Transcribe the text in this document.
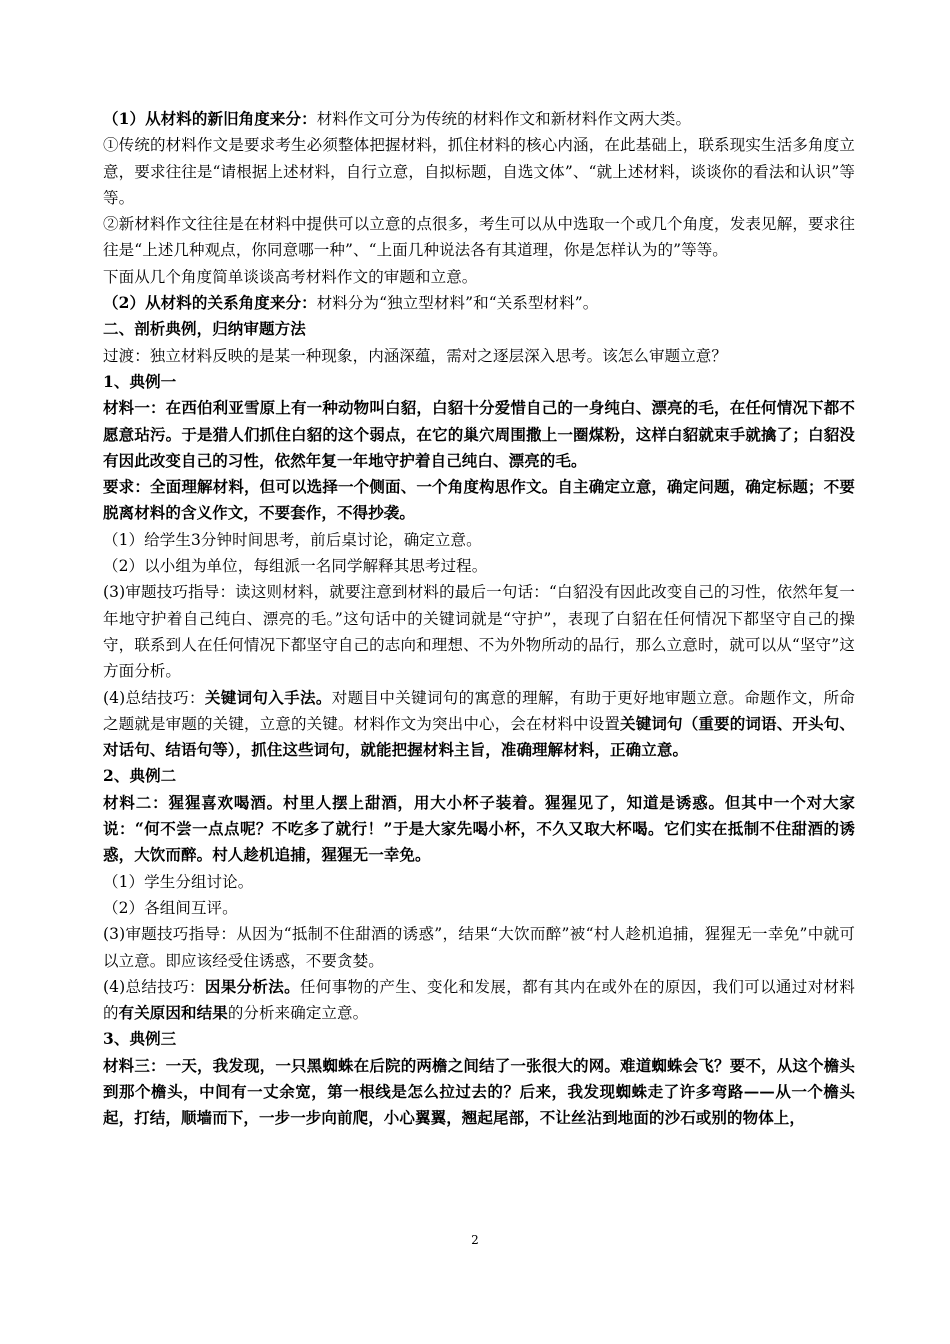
（1）从材料的新旧角度来分：材料作文可分为传统的材料作文和新材料作文两大类。

①传统的材料作文是要求考生必须整体把握材料，抓住材料的核心内涵，在此基础上，联系现实生活多角度立意，要求往往是“请根据上述材料，自行立意，自拟标题，自选文体”、“就上述材料，谈谈你的看法和认识”等等。

②新材料作文往往是在材料中提供可以立意的点很多，考生可以从中选取一个或几个角度，发表见解，要求往往是“上述几种观点，你同意哪一种”、“上面几种说法各有其道理，你是怎样认为的”等等。

下面从几个角度简单谈谈高考材料作文的审题和立意。

（2）从材料的关系角度来分：材料分为“独立型材料”和“关系型材料”。

二、剖析典例，归纳审题方法

过渡：独立材料反映的是某一种现象，内涵深蕴，需对之逐层深入思考。该怎么审题立意？

1、典例一

材料一：在西伯利亚雪原上有一种动物叫白貂，白貂十分爱惜自己的一身纯白、漂亮的毛，在任何情况下都不愿意玷污。于是猎人们抓住白貂的这个弱点，在它的巢穴周围撒上一圈煤粉，这样白貂就束手就擒了；白貂没有因此改变自己的习性，依然年复一年地守护着自己纯白、漂亮的毛。

要求：全面理解材料，但可以选择一个侧面、一个角度构思作文。自主确定立意，确定问题，确定标题；不要脱离材料的含义作文，不要套作，不得抄袭。

（1）给学生3分钟时间思考，前后桌讨论，确定立意。

（2）以小组为单位，每组派一名同学解释其思考过程。

(3)审题技巧指导：读这则材料，就要注意到材料的最后一句话：“白貂没有因此改变自己的习性，依然年复一年地守护着自己纯白、漂亮的毛。”这句话中的关键词就是“守护”，表现了白貂在任何情况下都坚守自己的操守，联系到人在任何情况下都坚守自己的志向和理想、不为外物所动的品行，那么立意时，就可以从“坚守”这方面分析。

(4)总结技巧：关键词句入手法。对题目中关键词句的寓意的理解，有助于更好地审题立意。命题作文，所命之题就是审题的关键，立意的关键。材料作文为突出中心，会在材料中设置关键词句（重要的词语、开头句、对话句、结语句等），抓住这些词句，就能把握材料主旨，准确理解材料，正确立意。

2、典例二

材料二：猩猩喜欢喝酒。村里人摆上甜酒，用大小杯子装着。猩猩见了，知道是诱惑。但其中一个对大家说：“何不尝一点点呢？不吃多了就行！”于是大家先喝小杯，不久又取大杯喝。它们实在抵制不住甜酒的诱惑，大饮而醉。村人趁机追捕，猩猩无一幸免。

（1）学生分组讨论。

（2）各组间互评。

(3)审题技巧指导：从因为“抵制不住甜酒的诱惑”，结果“大饮而醉”被“村人趁机追捕，猩猩无一幸免”中就可以立意。即应该经受住诱惑，不要贪婪。

(4)总结技巧：因果分析法。任何事物的产生、变化和发展，都有其内在或外在的原因，我们可以通过对材料的有关原因和结果的分析来确定立意。

3、典例三

材料三：一天，我发现，一只黑蜘蛛在后院的两檐之间结了一张很大的网。难道蜘蛛会飞？要不，从这个檐头到那个檐头，中间有一丈余宽，第一根线是怎么拉过去的？后来，我发现蜘蛛走了许多弯路——从一个檐头起，打结，顺墙而下，一步一步向前爬，小心翼翼，翘起尾部，不让丝沾到地面的沙石或别的物体上，

2
